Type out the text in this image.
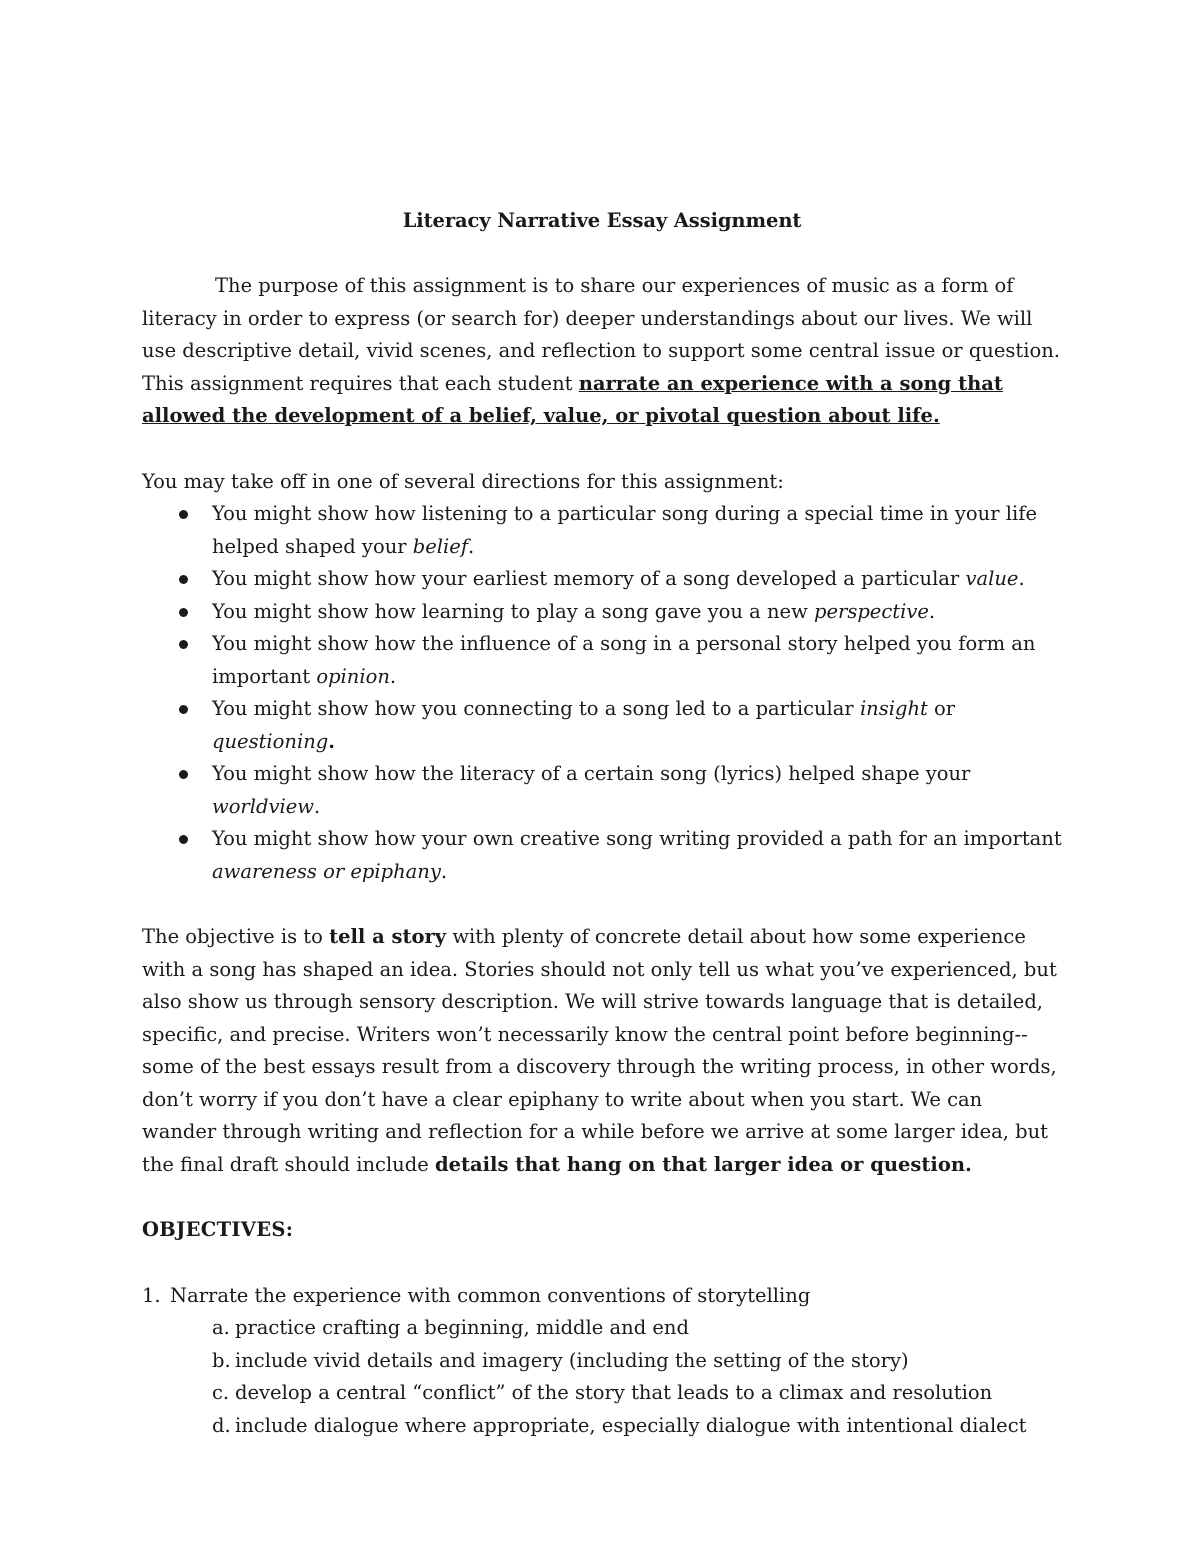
Literacy Narrative Essay Assignment

The purpose of this assignment is to share our experiences of music as a form of literacy in order to express (or search for) deeper understandings about our lives. We will use descriptive detail, vivid scenes, and reflection to support some central issue or question. This assignment requires that each student narrate an experience with a song that allowed the development of a belief, value, or pivotal question about life.

You may take off in one of several directions for this assignment:

You might show how listening to a particular song during a special time in your life helped shaped your belief.
You might show how your earliest memory of a song developed a particular value.
You might show how learning to play a song gave you a new perspective.
You might show how the influence of a song in a personal story helped you form an important opinion.
You might show how you connecting to a song led to a particular insight or questioning.
You might show how the literacy of a certain song (lyrics) helped shape your worldview.
You might show how your own creative song writing provided a path for an important awareness or epiphany.

The objective is to tell a story with plenty of concrete detail about how some experience with a song has shaped an idea. Stories should not only tell us what you’ve experienced, but also show us through sensory description. We will strive towards language that is detailed, specific, and precise. Writers won’t necessarily know the central point before beginning--some of the best essays result from a discovery through the writing process, in other words, don’t worry if you don’t have a clear epiphany to write about when you start. We can wander through writing and reflection for a while before we arrive at some larger idea, but the final draft should include details that hang on that larger idea or question.

OBJECTIVES:

1. Narrate the experience with common conventions of storytelling
a. practice crafting a beginning, middle and end
b. include vivid details and imagery (including the setting of the story)
c. develop a central “conflict” of the story that leads to a climax and resolution
d. include dialogue where appropriate, especially dialogue with intentional dialect
